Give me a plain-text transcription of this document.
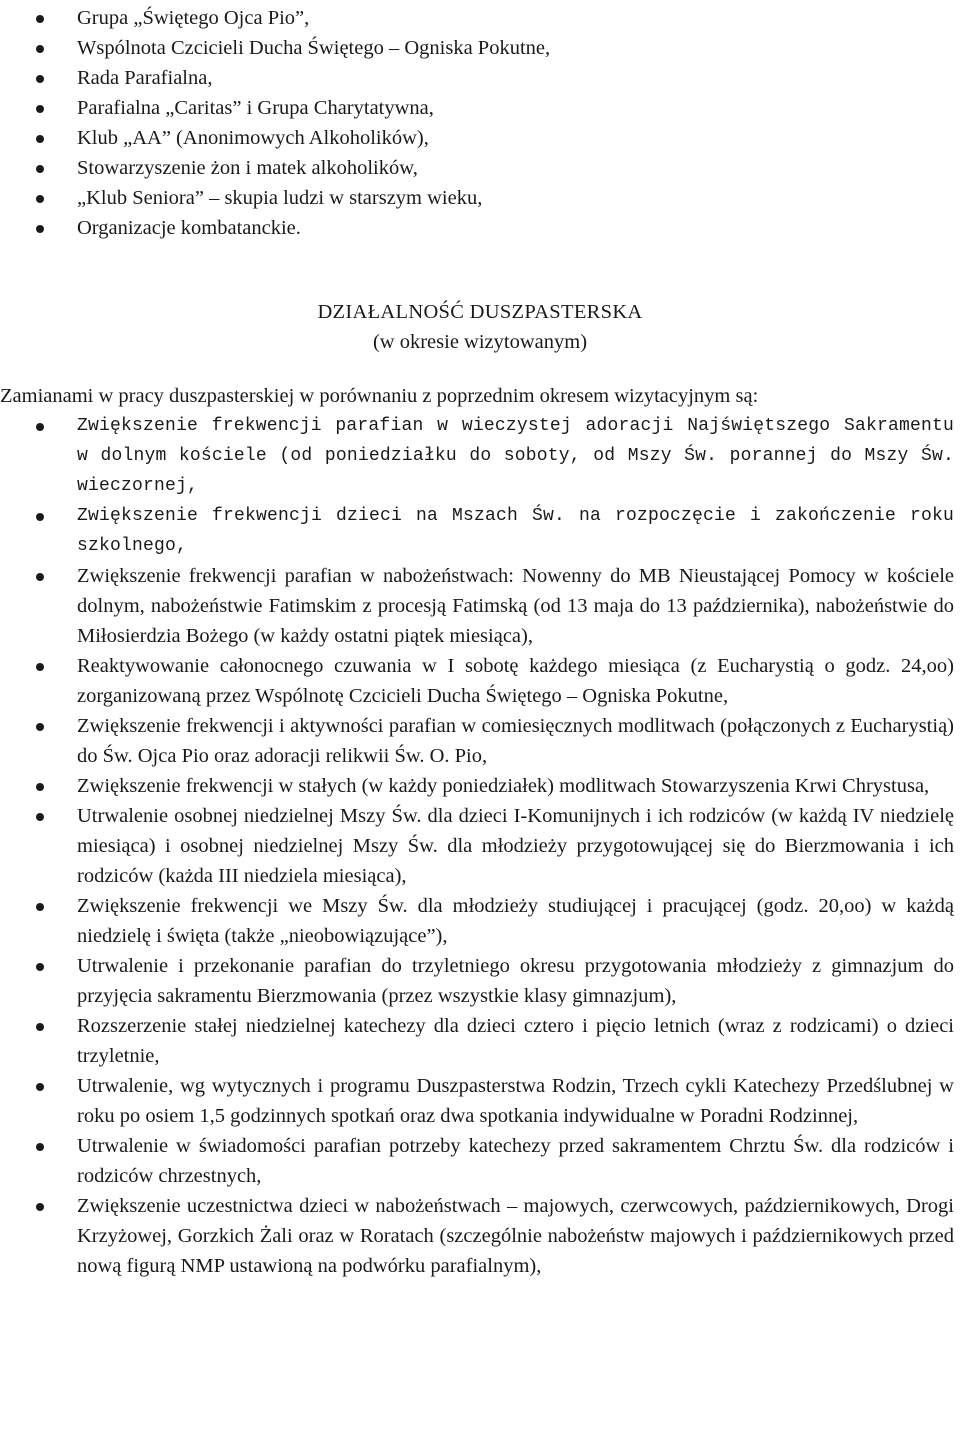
Grupa „Świętego Ojca Pio”,
Wspólnota Czcicieli Ducha Świętego – Ogniska Pokutne,
Rada Parafialna,
Parafialna „Caritas” i Grupa Charytatywna,
Klub „AA” (Anonimowych Alkoholików),
Stowarzyszenie żon i matek alkoholików,
„Klub Seniora” – skupia ludzi w starszym wieku,
Organizacje kombatanckie.
DZIAŁALNOŚĆ DUSZPASTERSKA
(w okresie wizytowanym)
Zamianami w pracy duszpasterskiej w porównaniu z poprzednim okresem wizytacyjnym są:
Zwiększenie frekwencji parafian w wieczystej adoracji Najświętszego Sakramentu w dolnym kościele (od poniedziałku do soboty, od Mszy Św. porannej do Mszy Św. wieczornej,
Zwiększenie frekwencji dzieci na Mszach Św. na rozpoczęcie i zakończenie roku szkolnego,
Zwiększenie frekwencji parafian w nabożeństwach: Nowenny do MB Nieustającej Pomocy w kościele dolnym, nabożeństwie Fatimskim z procesją Fatimską (od 13 maja do 13 października), nabożeństwie do Miłosierdzia Bożego (w każdy ostatni piątek miesiąca),
Reaktywowanie całonocnego czuwania w I sobotę każdego miesiąca (z Eucharystią o godz. 24,oo) zorganizowaną przez Wspólnotę Czcicieli Ducha Świętego – Ogniska Pokutne,
Zwiększenie frekwencji i aktywności parafian w comiesięcznych modlitwach (połączonych z Eucharystią) do Św. Ojca Pio oraz adoracji relikwii Św. O. Pio,
Zwiększenie frekwencji w stałych (w każdy poniedziałek) modlitwach Stowarzyszenia Krwi Chrystusa,
Utrwalenie osobnej niedzielnej Mszy Św. dla dzieci I-Komunijnych i ich rodziców (w każdą IV niedzielę miesiąca) i osobnej niedzielnej Mszy Św. dla młodzieży przygotowującej się do Bierzmowania i ich rodziców (każda III niedziela miesiąca),
Zwiększenie frekwencji we Mszy Św. dla młodzieży studiującej i pracującej (godz. 20,oo) w każdą niedzielę i święta (także „nieobowiązujące”),
Utrwalenie i przekonanie parafian do trzyletniego okresu przygotowania młodzieży z gimnazjum do przyjęcia sakramentu Bierzmowania (przez wszystkie klasy gimnazjum),
Rozszerzenie stałej niedzielnej katechezy dla dzieci cztero i pięcio letnich (wraz z rodzicami) o dzieci trzyletnie,
Utrwalenie, wg wytycznych i programu Duszpasterstwa Rodzin, Trzech cykli Katechezy Przedślubnej w roku po osiem 1,5 godzinnych spotkań oraz dwa spotkania indywidualne w Poradni Rodzinnej,
Utrwalenie w świadomości parafian potrzeby katechezy przed sakramentem Chrztu Św. dla rodziców i rodziców chrzestnych,
Zwiększenie uczestnictwa dzieci w nabożeństwach – majowych, czerwcowych, październikowych, Drogi Krzyżowej, Gorzkich Żali oraz w Roratach (szczególnie nabożeństw majowych i październikowych przed nową figurą NMP ustawioną na podwórku parafialnym),
